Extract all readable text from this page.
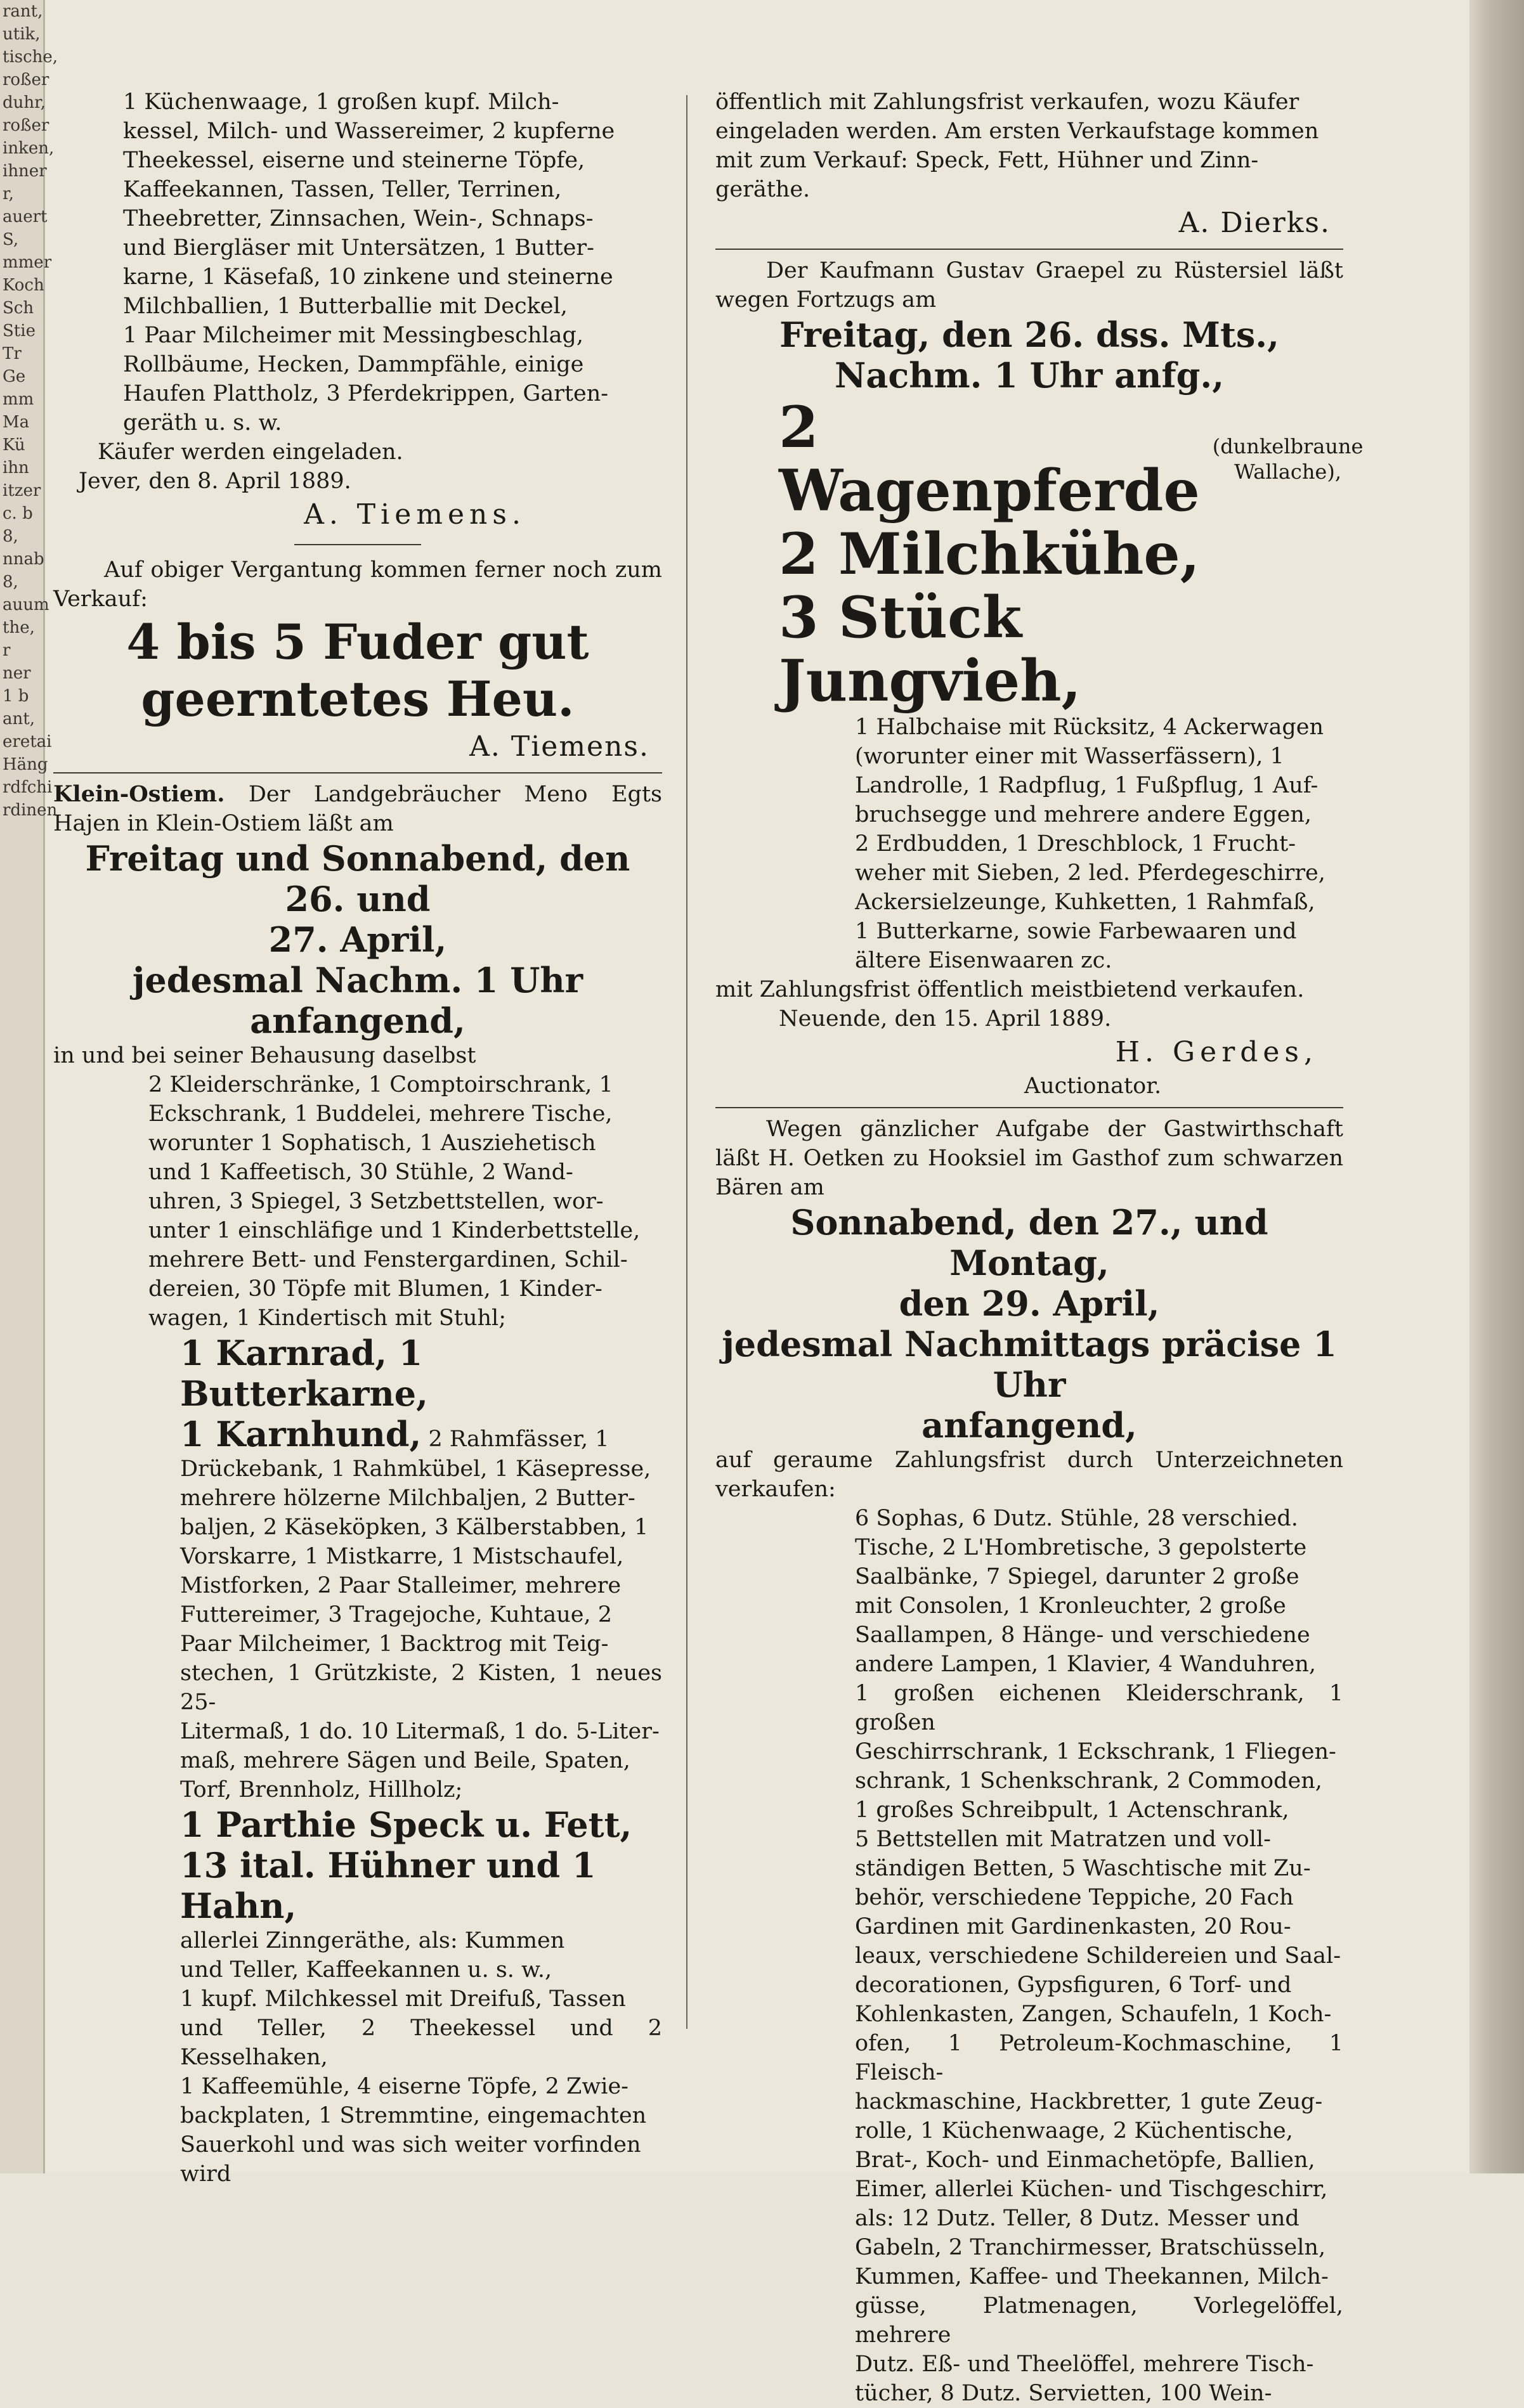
rant,
utik,
tische,
roßer
duhr,
roßer
inken,
ihner
r,
auert
S,
mmer
Koch
Sch
Stie
Tr
Ge
mm
Ma
Kü
ihn
itzer
c. b
8,
nnab
8,
auum
the,
r
ner
1 b
ant,
eretai
Häng
rdfchi
rdinen
1 Küchenwaage, 1 großen kupf. Milch-
kessel, Milch- und Wassereimer, 2 kupferne
Theekessel, eiserne und steinerne Töpfe,
Kaffeekannen, Tassen, Teller, Terrinen,
Theebretter, Zinnsachen, Wein-, Schnaps-
und Biergläser mit Untersätzen, 1 Butter-
karne, 1 Käsefaß, 10 zinkene und steinerne
Milchballien, 1 Butterballie mit Deckel,
1 Paar Milcheimer mit Messingbeschlag,
Rollbäume, Hecken, Dammpfähle, einige
Haufen Plattholz, 3 Pferdekrippen, Garten-
geräth u. s. w.

Käufer werden eingeladen.

Jever, den 8. April 1889.

A. Tiemens.

Auf obiger Vergantung kommen ferner noch zum Verkauf:

4 bis 5 Fuder gut

geerntetes Heu.

A. Tiemens.

Klein-Ostiem. Der Landgebräucher Meno Egts Hajen in Klein-Ostiem läßt am

Freitag und Sonnabend, den 26. und

27. April,

jedesmal Nachm. 1 Uhr anfangend,

in und bei seiner Behausung daselbst

2 Kleiderschränke, 1 Comptoirschrank, 1
Eckschrank, 1 Buddelei, mehrere Tische,
worunter 1 Sophatisch, 1 Ausziehetisch
und 1 Kaffeetisch, 30 Stühle, 2 Wand-
uhren, 3 Spiegel, 3 Setzbettstellen, wor-
unter 1 einschläfige und 1 Kinderbettstelle,
mehrere Bett- und Fenstergardinen, Schil-
dereien, 30 Töpfe mit Blumen, 1 Kinder-
wagen, 1 Kindertisch mit Stuhl;

1 Karnrad, 1 Butterkarne,

1 Karnhund, 2 Rahmfässer, 1
Drückebank, 1 Rahmkübel, 1 Käsepresse,
mehrere hölzerne Milchbaljen, 2 Butter-
baljen, 2 Käseköpken, 3 Kälberstabben, 1
Vorskarre, 1 Mistkarre, 1 Mistschaufel,
Mistforken, 2 Paar Stalleimer, mehrere
Futtereimer, 3 Tragejoche, Kuhtaue, 2
Paar Milcheimer, 1 Backtrog mit Teig-
stechen, 1 Grützkiste, 2 Kisten, 1 neues 25-
Litermaß, 1 do. 10 Litermaß, 1 do. 5-Liter-
maß, mehrere Sägen und Beile, Spaten,
Torf, Brennholz, Hillholz;

1 Parthie Speck u. Fett,

13 ital. Hühner und 1

Hahn,

allerlei Zinngeräthe, als: Kummen
und Teller, Kaffeekannen u. s. w.,
1 kupf. Milchkessel mit Dreifuß, Tassen
und Teller, 2 Theekessel und 2 Kesselhaken,
1 Kaffeemühle, 4 eiserne Töpfe, 2 Zwie-
backplaten, 1 Stremmtine, eingemachten
Sauerkohl und was sich weiter vorfinden
wird
öffentlich mit Zahlungsfrist verkaufen, wozu Käufer
eingeladen werden. Am ersten Verkaufstage kommen
mit zum Verkauf: Speck, Fett, Hühner und Zinn-
geräthe.

A. Dierks.

Der Kaufmann Gustav Graepel zu Rüstersiel läßt wegen Fortzugs am

Freitag, den 26. dss. Mts.,

Nachm. 1 Uhr anfg.,

2 Wagenpferde
(dunkelbraune
Wallache),

2 Milchkühe,

3 Stück Jungvieh,

1 Halbchaise mit Rücksitz, 4 Ackerwagen
(worunter einer mit Wasserfässern), 1
Landrolle, 1 Radpflug, 1 Fußpflug, 1 Auf-
bruchsegge und mehrere andere Eggen,
2 Erdbudden, 1 Dreschblock, 1 Frucht-
weher mit Sieben, 2 led. Pferdegeschirre,
Ackersielzeunge, Kuhketten, 1 Rahmfaß,
1 Butterkarne, sowie Farbewaaren und
ältere Eisenwaaren zc.

mit Zahlungsfrist öffentlich meistbietend verkaufen.

Neuende, den 15. April 1889.

H. Gerdes,

Auctionator.

Wegen gänzlicher Aufgabe der Gastwirthschaft läßt H. Oetken zu Hooksiel im Gasthof zum schwarzen Bären am

Sonnabend, den 27., und Montag,

den 29. April,

jedesmal Nachmittags präcise 1 Uhr

anfangend,

auf geraume Zahlungsfrist durch Unterzeichneten verkaufen:

6 Sophas, 6 Dutz. Stühle, 28 verschied.
Tische, 2 L'Hombretische, 3 gepolsterte
Saalbänke, 7 Spiegel, darunter 2 große
mit Consolen, 1 Kronleuchter, 2 große
Saallampen, 8 Hänge- und verschiedene
andere Lampen, 1 Klavier, 4 Wanduhren,
1 großen eichenen Kleiderschrank, 1 großen
Geschirrschrank, 1 Eckschrank, 1 Fliegen-
schrank, 1 Schenkschrank, 2 Commoden,
1 großes Schreibpult, 1 Actenschrank,
5 Bettstellen mit Matratzen und voll-
ständigen Betten, 5 Waschtische mit Zu-
behör, verschiedene Teppiche, 20 Fach
Gardinen mit Gardinenkasten, 20 Rou-
leaux, verschiedene Schildereien und Saal-
decorationen, Gypsfiguren, 6 Torf- und
Kohlenkasten, Zangen, Schaufeln, 1 Koch-
ofen, 1 Petroleum-Kochmaschine, 1 Fleisch-
hackmaschine, Hackbretter, 1 gute Zeug-
rolle, 1 Küchenwaage, 2 Küchentische,
Brat-, Koch- und Einmachetöpfe, Ballien,
Eimer, allerlei Küchen- und Tischgeschirr,
als: 12 Dutz. Teller, 8 Dutz. Messer und
Gabeln, 2 Tranchirmesser, Bratschüsseln,
Kummen, Kaffee- und Theekannen, Milch-
güsse, Platmenagen, Vorlegelöffel, mehrere
Dutz. Eß- und Theelöffel, mehrere Tisch-
tücher, 8 Dutz. Servietten, 100 Wein-
